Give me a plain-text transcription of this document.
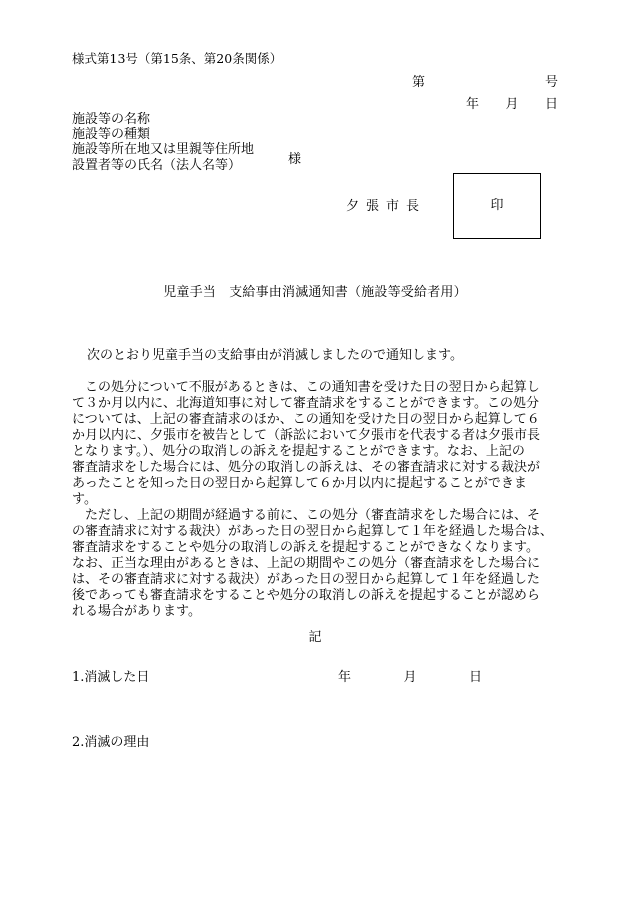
様式第13号（第15条、第20条関係）
第	号
年 月 日
施設等の名称
施設等の種類
施設等所在地又は里親等住所地
設置者等の氏名（法人名等）	様
夕張市長	印
児童手当　支給事由消滅通知書（施設等受給者用）
次のとおり児童手当の支給事由が消滅しましたので通知します。
　この処分について不服があるときは、この通知書を受けた日の翌日から起算し
て３か月以内に、北海道知事に対して審査請求をすることができます。この処分
については、上記の審査請求のほか、この通知を受けた日の翌日から起算して６
か月以内に、夕張市を被告として（訴訟において夕張市を代表する者は夕張市長
となります。）、処分の取消しの訴えを提起することができます。なお、上記の
審査請求をした場合には、処分の取消しの訴えは、その審査請求に対する裁決が
あったことを知った日の翌日から起算して６か月以内に提起することができま
す。
　ただし、上記の期間が経過する前に、この処分（審査請求をした場合には、そ
の審査請求に対する裁決）があった日の翌日から起算して１年を経過した場合は、
審査請求をすることや処分の取消しの訴えを提起することができなくなります。
なお、正当な理由があるときは、上記の期間やこの処分（審査請求をした場合に
は、その審査請求に対する裁決）があった日の翌日から起算して１年を経過した
後であっても審査請求をすることや処分の取消しの訴えを提起することが認めら
れる場合があります。
記
1.消滅した日	年	月	日
2.消滅の理由
